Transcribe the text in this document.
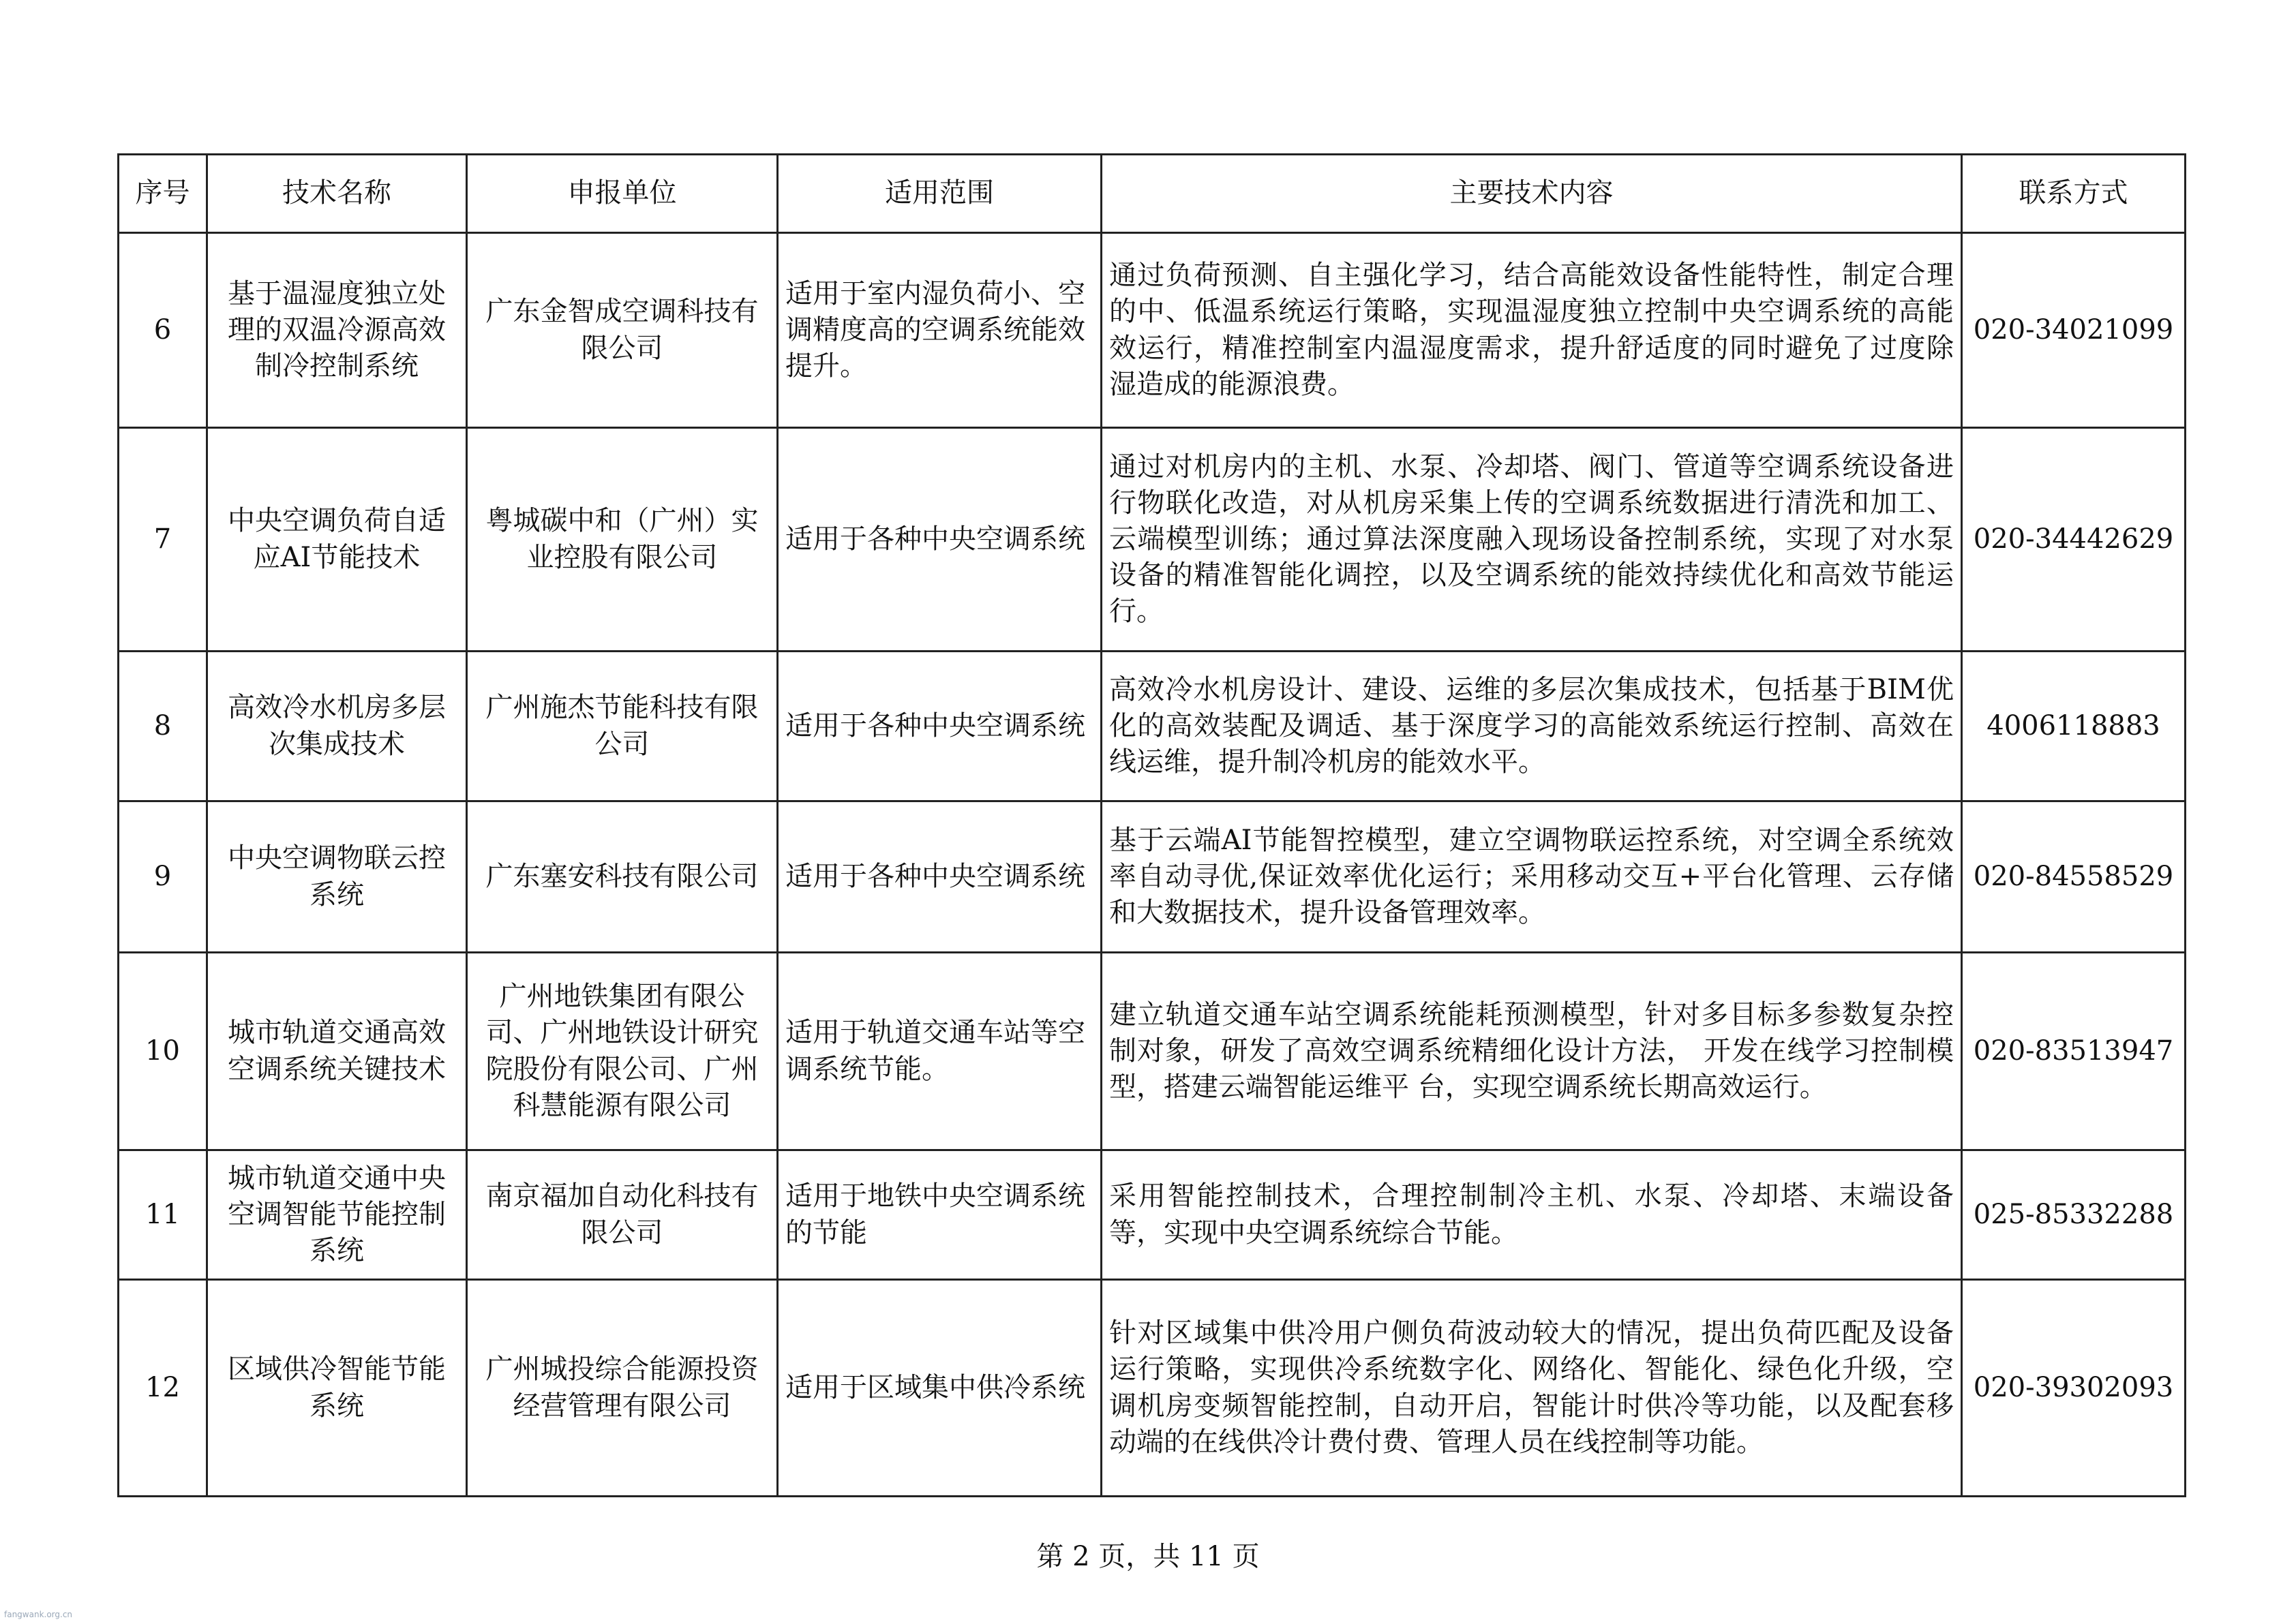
序号	技术名称	申报单位	适用范围	主要技术内容	联系方式
6	基于温湿度独立处理的双温冷源高效制冷控制系统	广东金智成空调科技有限公司	适用于室内湿负荷小、空调精度高的空调系统能效提升。	通过负荷预测、自主强化学习，结合高能效设备性能特性，制定合理的中、低温系统运行策略，实现温湿度独立控制中央空调系统的高能效运行，精准控制室内温湿度需求，提升舒适度的同时避免了过度除湿造成的能源浪费。	020-34021099
7	中央空调负荷自适应AI节能技术	粤城碳中和（广州）实业控股有限公司	适用于各种中央空调系统	通过对机房内的主机、水泵、冷却塔、阀门、管道等空调系统设备进行物联化改造，对从机房采集上传的空调系统数据进行清洗和加工、云端模型训练；通过算法深度融入现场设备控制系统，实现了对水泵设备的精准智能化调控，以及空调系统的能效持续优化和高效节能运行。	020-34442629
8	高效冷水机房多层次集成技术	广州施杰节能科技有限公司	适用于各种中央空调系统	高效冷水机房设计、建设、运维的多层次集成技术，包括基于BIM优化的高效装配及调适、基于深度学习的高能效系统运行控制、高效在线运维，提升制冷机房的能效水平。	4006118883
9	中央空调物联云控系统	广东塞安科技有限公司	适用于各种中央空调系统	基于云端AI节能智控模型，建立空调物联运控系统，对空调全系统效率自动寻优,保证效率优化运行；采用移动交互+平台化管理、云存储和大数据技术，提升设备管理效率。	020-84558529
10	城市轨道交通高效空调系统关键技术	广州地铁集团有限公司、广州地铁设计研究院股份有限公司、广州科慧能源有限公司	适用于轨道交通车站等空调系统节能。	建立轨道交通车站空调系统能耗预测模型，针对多目标多参数复杂控制对象，研发了高效空调系统精细化设计方法， 开发在线学习控制模型，搭建云端智能运维平 台，实现空调系统长期高效运行。	020-83513947
11	城市轨道交通中央空调智能节能控制系统	南京福加自动化科技有限公司	适用于地铁中央空调系统的节能	采用智能控制技术，合理控制制冷主机、水泵、冷却塔、末端设备等，实现中央空调系统综合节能。	025-85332288
12	区域供冷智能节能系统	广州城投综合能源投资经营管理有限公司	适用于区域集中供冷系统	针对区域集中供冷用户侧负荷波动较大的情况，提出负荷匹配及设备运行策略，实现供冷系统数字化、网络化、智能化、绿色化升级，空调机房变频智能控制，自动开启，智能计时供冷等功能，以及配套移动端的在线供冷计费付费、管理人员在线控制等功能。	020-39302093
第 2 页，共 11 页
fangwank.org.cn
